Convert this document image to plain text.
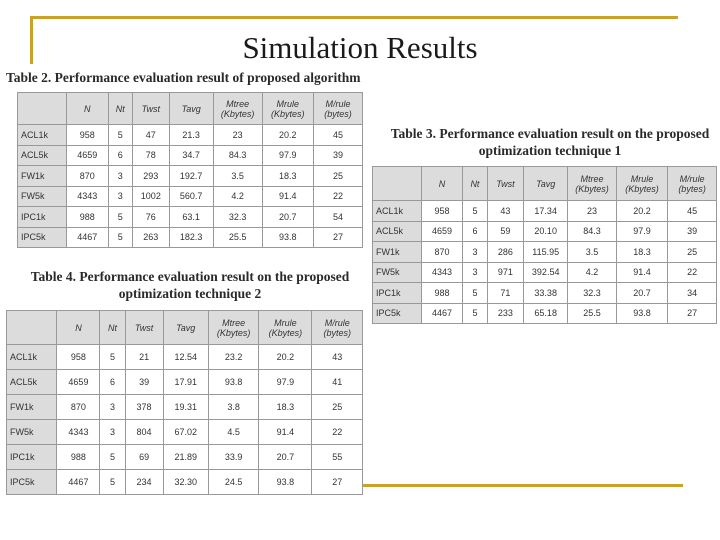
Simulation Results
Table 2. Performance evaluation result of proposed algorithm
	N	Nt	Twst	Tavg	Mtree (Kbytes)	Mrule (Kbytes)	M/rule (bytes)
ACL1k	958	5	47	21.3	23	20.2	45
ACL5k	4659	6	78	34.7	84.3	97.9	39
FW1k	870	3	293	192.7	3.5	18.3	25
FW5k	4343	3	1002	560.7	4.2	91.4	22
IPC1k	988	5	76	63.1	32.3	20.7	54
IPC5k	4467	5	263	182.3	25.5	93.8	27
Table 3. Performance evaluation result on the proposed
optimization technique 1
	N	Nt	Twst	Tavg	Mtree (Kbytes)	Mrule (Kbytes)	M/rule (bytes)
ACL1k	958	5	43	17.34	23	20.2	45
ACL5k	4659	6	59	20.10	84.3	97.9	39
FW1k	870	3	286	115.95	3.5	18.3	25
FW5k	4343	3	971	392.54	4.2	91.4	22
IPC1k	988	5	71	33.38	32.3	20.7	34
IPC5k	4467	5	233	65.18	25.5	93.8	27
Table 4. Performance evaluation result on the proposed
optimization technique 2
	N	Nt	Twst	Tavg	Mtree (Kbytes)	Mrule (Kbytes)	M/rule (bytes)
ACL1k	958	5	21	12.54	23.2	20.2	43
ACL5k	4659	6	39	17.91	93.8	97.9	41
FW1k	870	3	378	19.31	3.8	18.3	25
FW5k	4343	3	804	67.02	4.5	91.4	22
IPC1k	988	5	69	21.89	33.9	20.7	55
IPC5k	4467	5	234	32.30	24.5	93.8	27
